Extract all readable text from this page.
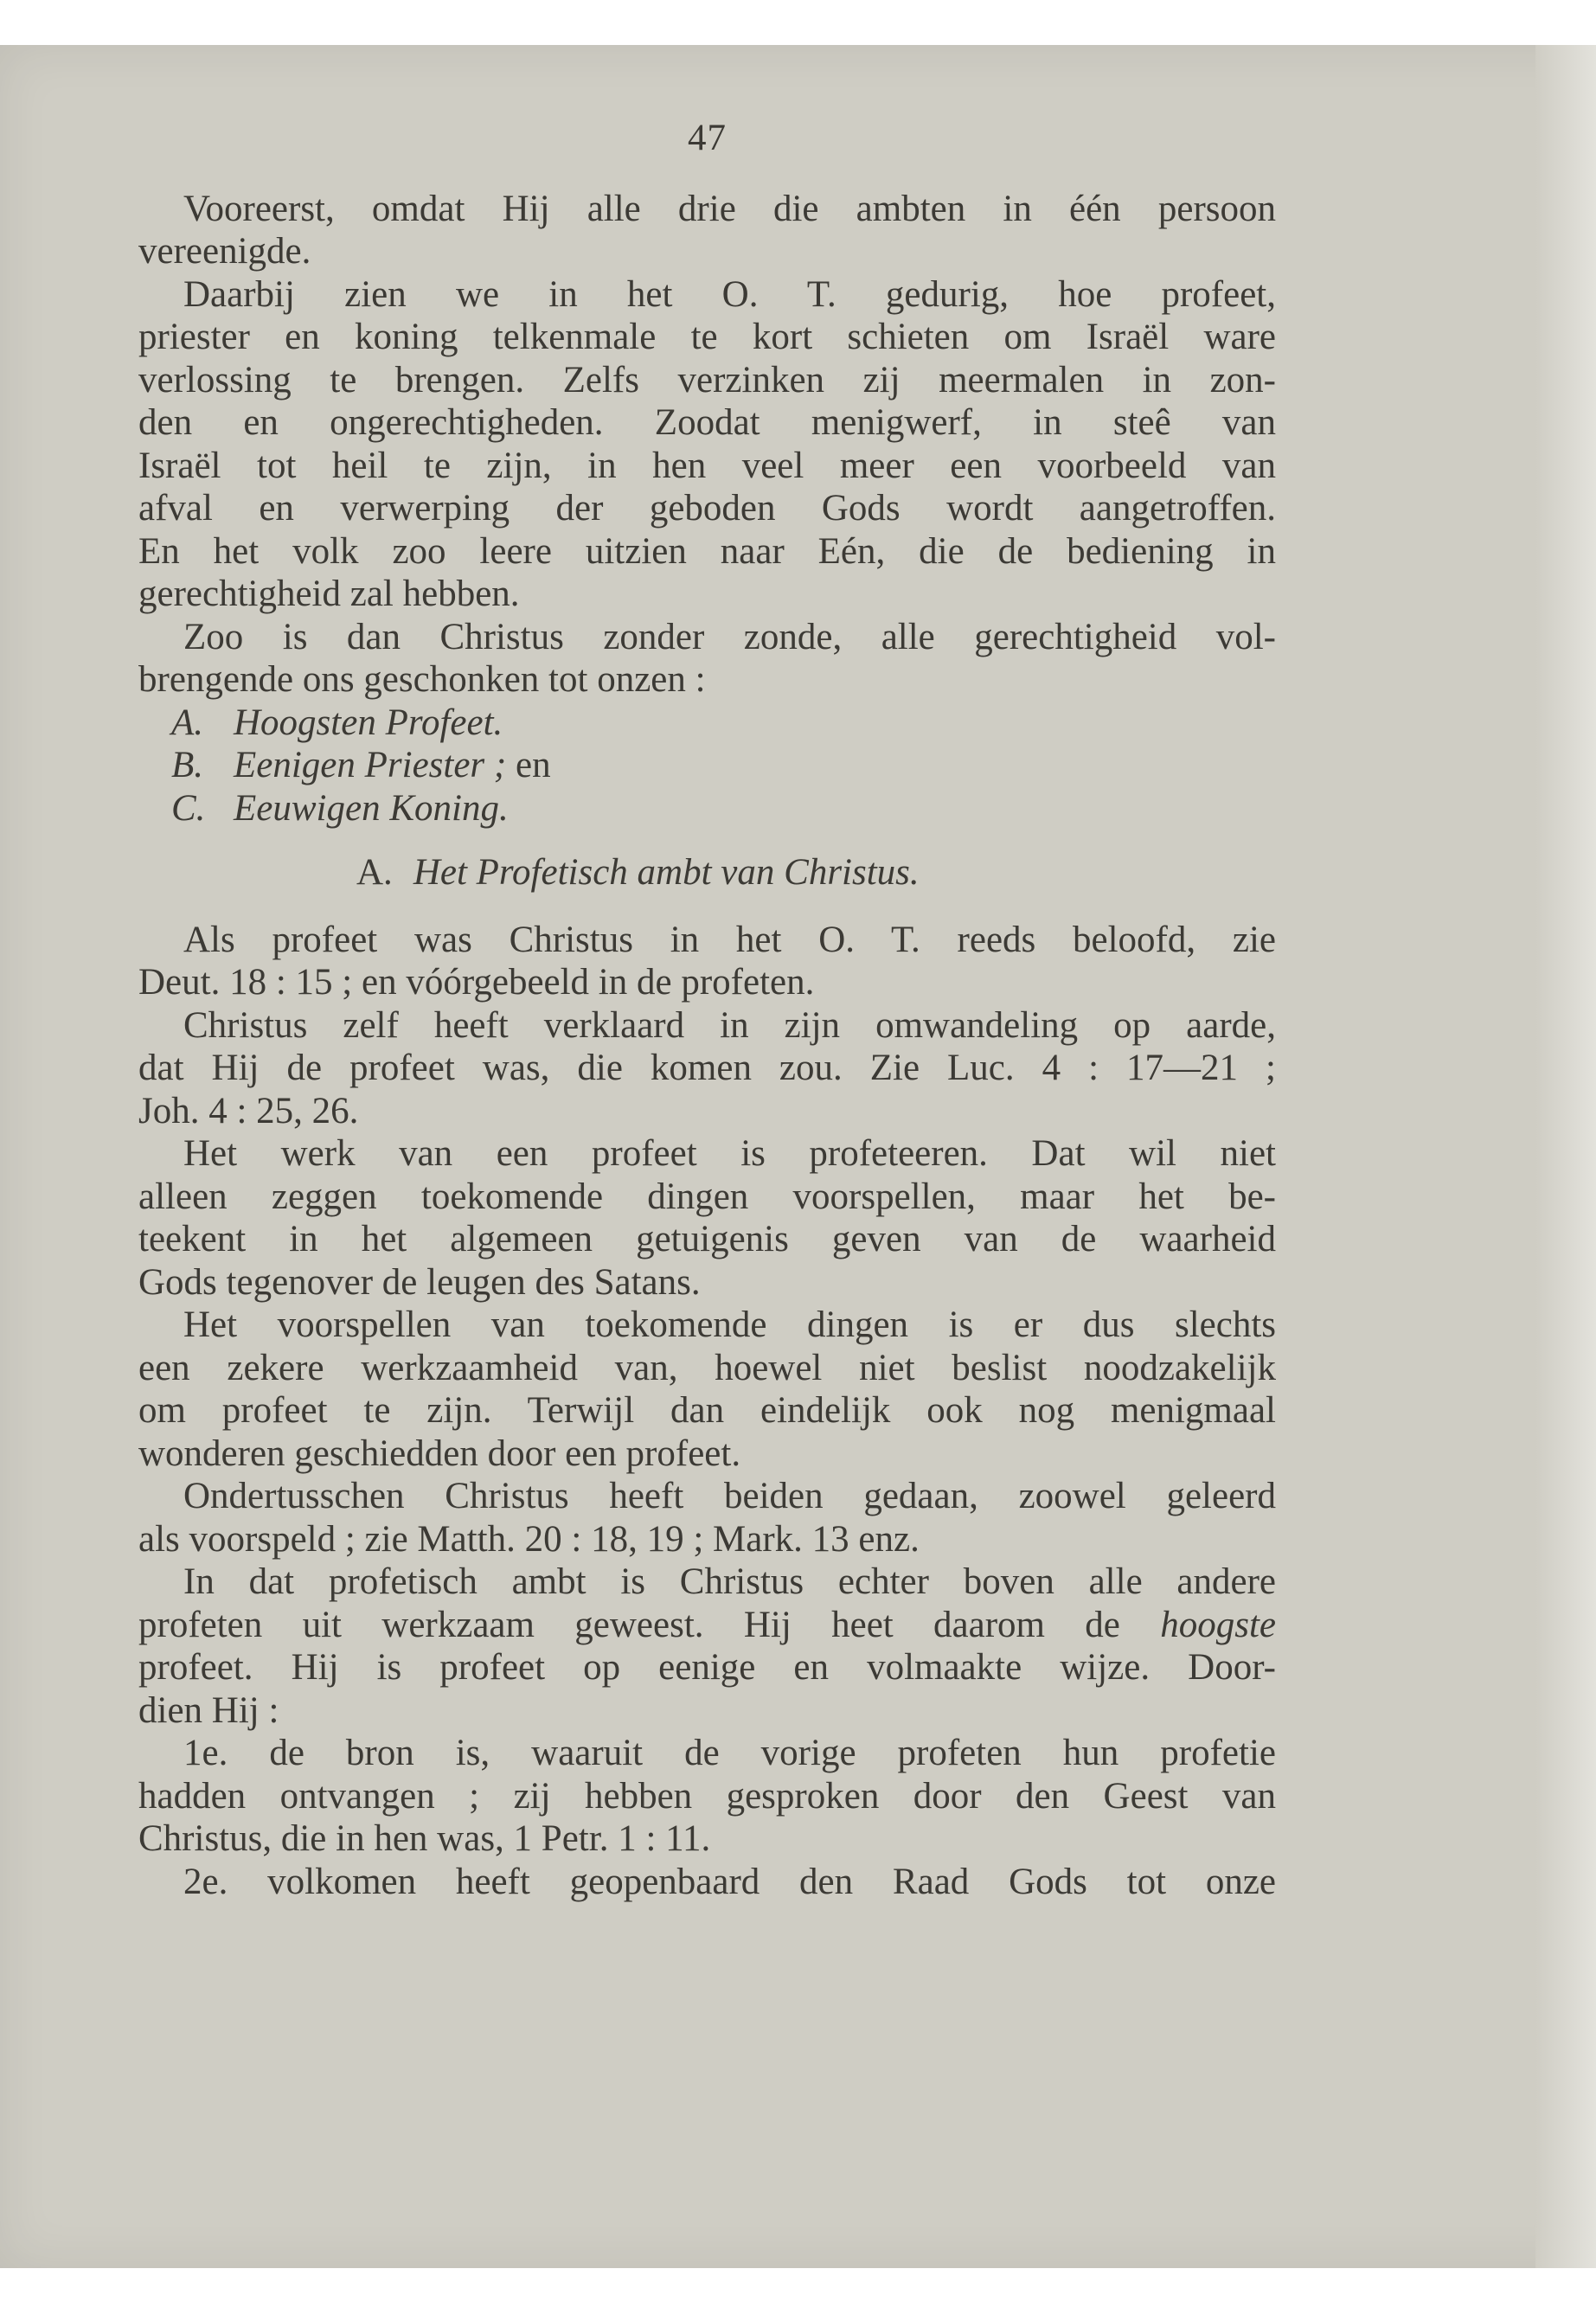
47
Vooreerst, omdat Hij alle drie die ambten in één persoon
vereenigde.
Daarbij zien we in het O. T. gedurig, hoe profeet,
priester en koning telkenmale te kort schieten om Israël ware
verlossing te brengen. Zelfs verzinken zij meermalen in zon-
den en ongerechtigheden. Zoodat menigwerf, in steê van
Israël tot heil te zijn, in hen veel meer een voorbeeld van
afval en verwerping der geboden Gods wordt aangetroffen.
En het volk zoo leere uitzien naar Eén, die de bediening in
gerechtigheid zal hebben.
Zoo is dan Christus zonder zonde, alle gerechtigheid vol-
brengende ons geschonken tot onzen :
A. Hoogsten Profeet.
B. Eenigen Priester ; en
C. Eeuwigen Koning.
A. Het Profetisch ambt van Christus.
Als profeet was Christus in het O. T. reeds beloofd, zie
Deut. 18 : 15 ; en vóórgebeeld in de profeten.
Christus zelf heeft verklaard in zijn omwandeling op aarde,
dat Hij de profeet was, die komen zou. Zie Luc. 4 : 17—21 ;
Joh. 4 : 25, 26.
Het werk van een profeet is profeteeren. Dat wil niet
alleen zeggen toekomende dingen voorspellen, maar het be-
teekent in het algemeen getuigenis geven van de waarheid
Gods tegenover de leugen des Satans.
Het voorspellen van toekomende dingen is er dus slechts
een zekere werkzaamheid van, hoewel niet beslist noodzakelijk
om profeet te zijn. Terwijl dan eindelijk ook nog menigmaal
wonderen geschiedden door een profeet.
Ondertusschen Christus heeft beiden gedaan, zoowel geleerd
als voorspeld ; zie Matth. 20 : 18, 19 ; Mark. 13 enz.
In dat profetisch ambt is Christus echter boven alle andere
profeten uit werkzaam geweest. Hij heet daarom de hoogste
profeet. Hij is profeet op eenige en volmaakte wijze. Door-
dien Hij :
1e. de bron is, waaruit de vorige profeten hun profetie
hadden ontvangen ; zij hebben gesproken door den Geest van
Christus, die in hen was, 1 Petr. 1 : 11.
2e. volkomen heeft geopenbaard den Raad Gods tot onze
